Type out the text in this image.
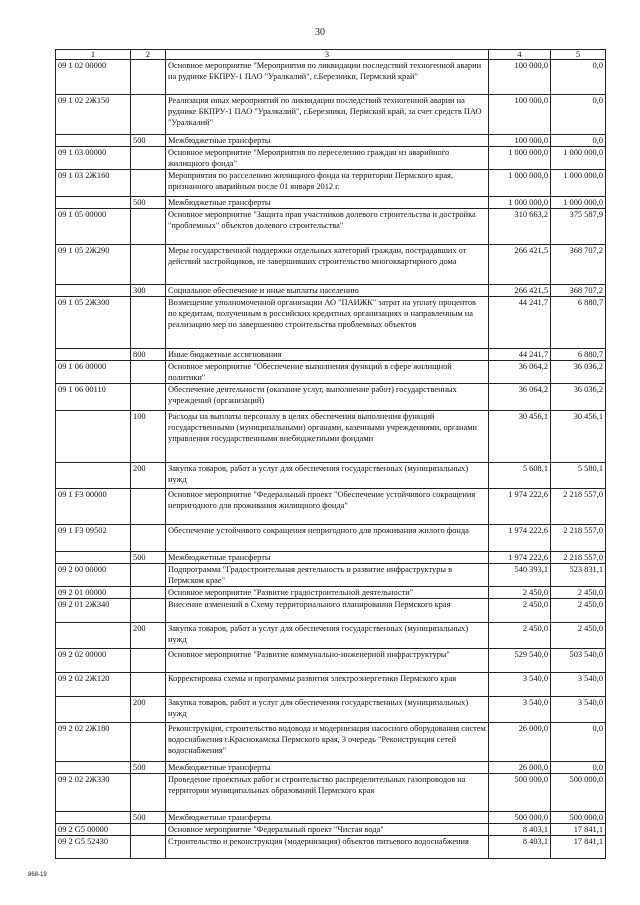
30
1	2	3	4	5
09 1 02 00000		Основное мероприятие "Мероприятия по ликвидации последствий техногенной аварии на руднике БКПРУ-1 ПАО "Уралкалий", г.Березники, Пермский край"	100 000,0	0,0
09 1 02 2Ж150		Реализация иных мероприятий по ликвидации последствий техногенной аварии на руднике БКПРУ-1 ПАО "Уралкалий", г.Березники, Пермский край, за счет средств ПАО "Уралкалий"	100 000,0	0,0
	500	Межбюджетные трансферты	100 000,0	0,0
09 1 03 00000		Основное мероприятие "Мероприятия по переселению граждан из аварийного жилищного фонда"	1 000 000,0	1 000 000,0
09 1 03 2Ж160		Мероприятия по расселению жилищного фонда на территории Пермского края, признанного аварийным после 01 января 2012 г.	1 000 000,0	1 000 000,0
	500	Межбюджетные трансферты	1 000 000,0	1 000 000,0
09 1 05 00000		Основное мероприятие "Защита прав участников долевого строительства и достройка "проблемных" объектов долевого строительства"	310 663,2	375 587,9
09 1 05 2Ж290		Меры государственной поддержки отдельных категорий граждан, пострадавших от действий застройщиков, не завершивших строительство многоквартирного дома	266 421,5	368 707,2
	300	Социальное обеспечение и иные выплаты населению	266 421,5	368 707,2
09 1 05 2Ж300		Возмещение уполномоченной организации АО "ПАИЖК" затрат на уплату процентов по кредитам, полученным в российских кредитных организациях и направленным на реализацию мер по завершению строительства проблемных объектов	44 241,7	6 880,7
	800	Иные бюджетные ассигнования	44 241,7	6 880,7
09 1 06 00000		Основное мероприятие "Обеспечение выполнения функций в сфере жилищной политики"	36 064,2	36 036,2
09 1 06 00110		Обеспечение деятельности (оказание услуг, выполнение работ) государственных учреждений (организаций)	36 064,2	36 036,2
	100	Расходы на выплаты персоналу в целях обеспечения выполнения функций государственными (муниципальными) органами, казенными учреждениями, органами управления государственными внебюджетными фондами	30 456,1	30 456,1
	200	Закупка товаров, работ и услуг для обеспечения государственных (муниципальных) нужд	5 608,1	5 580,1
09 1 F3 00000		Основное мероприятие "Федеральный проект "Обеспечение устойчивого сокращения непригодного для проживания жилищного фонда"	1 974 222,6	2 218 557,0
09 1 F3 09502		Обеспечение устойчивого сокращения непригодного для проживания жилого фонда	1 974 222,6	2 218 557,0
	500	Межбюджетные трансферты	1 974 222,6	2 218 557,0
09 2 00 00000		Подпрограмма "Градостроительная деятельность и развитие инфраструктуры в Пермском крае"	540 393,1	523 831,1
09 2 01 00000		Основное мероприятие "Развитие градостроительной деятельности"	2 450,0	2 450,0
09 2 01 2Ж340		Внесение изменений в Схему территориального планирования Пермского края	2 450,0	2 450,0
	200	Закупка товаров, работ и услуг для обеспечения государственных (муниципальных) нужд	2 450,0	2 450,0
09 2 02 00000		Основное мероприятие "Развитие коммунально-инженерной инфраструктуры"	529 540,0	503 540,0
09 2 02 2Ж120		Корректировка схемы и программы развития электроэнергетики Пермского края	3 540,0	3 540,0
	200	Закупка товаров, работ и услуг для обеспечения государственных (муниципальных) нужд	3 540,0	3 540,0
09 2 02 2Ж180		Реконструкция, строительство водовода и модернизация насосного оборудования систем водоснабжения г.Краснокамска Пермского края, 3 очередь "Реконструкция сетей водоснабжения"	26 000,0	0,0
	500	Межбюджетные трансферты	26 000,0	0,0
09 2 02 2Ж330		Проведение проектных работ и строительство распределительных газопроводов на территории муниципальных образований Пермского края	500 000,0	500 000,0
	500	Межбюджетные трансферты	500 000,0	500 000,0
09 2 G5 00000		Основное мероприятие "Федеральный проект "Чистая вода"	8 403,1	17 841,1
09 2 G5 52430		Строительство и реконструкция (модернизация) объектов питьевого водоснабжения	8 403,1	17 841,1
868-19
